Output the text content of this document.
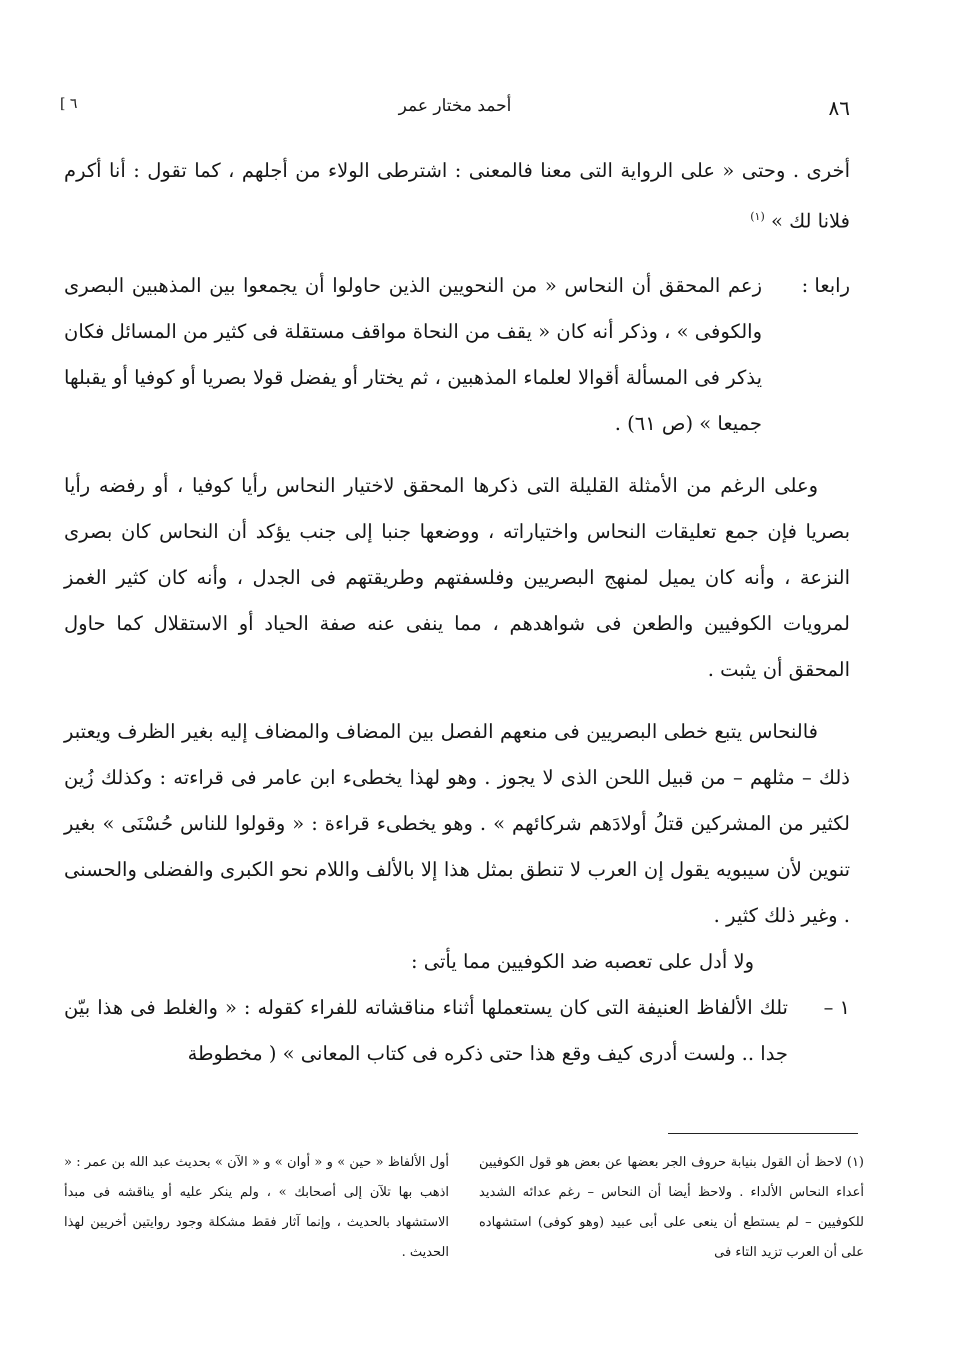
٨٦
أحمد مختار عمر
[ ٦
أخرى . وحتى « على الرواية التى معنا فالمعنى : اشترطى الولاء من أجلهم ، كما تقول : أنا أكرم فلانا لك » $^{(١)}$
رابعا :
زعم المحقق أن النحاس « من النحويين الذين حاولوا أن يجمعوا بين المذهبين البصرى والكوفى » ، وذكر أنه كان « يقف من النحاة مواقف مستقلة فى كثير من المسائل فكان يذكر فى المسألة أقوالا لعلماء المذهبين ، ثم يختار أو يفضل قولا بصريا أو كوفيا أو يقبلها جميعا » (ص ٦١) .
وعلى الرغم من الأمثلة القليلة التى ذكرها المحقق لاختيار النحاس رأيا كوفيا ، أو رفضه رأيا بصريا فإن جمع تعليقات النحاس واختياراته ، ووضعها جنبا إلى جنب يؤكد أن النحاس كان بصرى النزعة ، وأنه كان يميل لمنهج البصريين وفلسفتهم وطريقتهم فى الجدل ، وأنه كان كثير الغمز لمرويات الكوفيين والطعن فى شواهدهم ، مما ينفى عنه صفة الحياد أو الاستقلال كما حاول المحقق أن يثبت .
فالنحاس يتبع خطى البصريين فى منعهم الفصل بين المضاف والمضاف إليه بغير الظرف ويعتبر ذلك – مثلهم – من قبيل اللحن الذى لا يجوز . وهو لهذا يخطىء ابن عامر فى قراءته : وكذلك زُين لكثير من المشركين قتلُ أولادَهم شركائهم » . وهو يخطىء قراءة : « وقولوا للناس حُسْنَى » بغير تنوين لأن سيبويه يقول إن العرب لا تنطق بمثل هذا إلا بالألف واللام نحو الكبرى والفضلى والحسنى . وغير ذلك كثير .
ولا أدل على تعصبه ضد الكوفيين مما يأتى :
١ –
تلك الألفاظ العنيفة التى كان يستعملها أثناء مناقشاته للفراء كقوله : « والغلط فى هذا بيّن جدا .. ولست أدرى كيف وقع هذا حتى ذكره فى كتاب المعانى » ( مخطوطة
(١) لاحظ أن القول بنيابة حروف الجر بعضها عن بعض هو قول الكوفيين أعداء النحاس الألداء . ولاحظ أيضا أن النحاس – رغم عدائه الشديد للكوفيين – لم يستطع أن ينعى على أبى عبيد (وهو كوفى) استشهاده على أن العرب تزيد التاء فى
أول الألفاظ « حين » و « أوان » و « الآن » بحديث عبد الله بن عمر : « اذهب بها تلآن إلى أصحابك » ، ولم ينكر عليه أو يناقشه فى مبدأ الاستشهاد بالحديث ، وإنما آثار فقط مشكلة وجود روايتين أخريين لهذا الحديث .
